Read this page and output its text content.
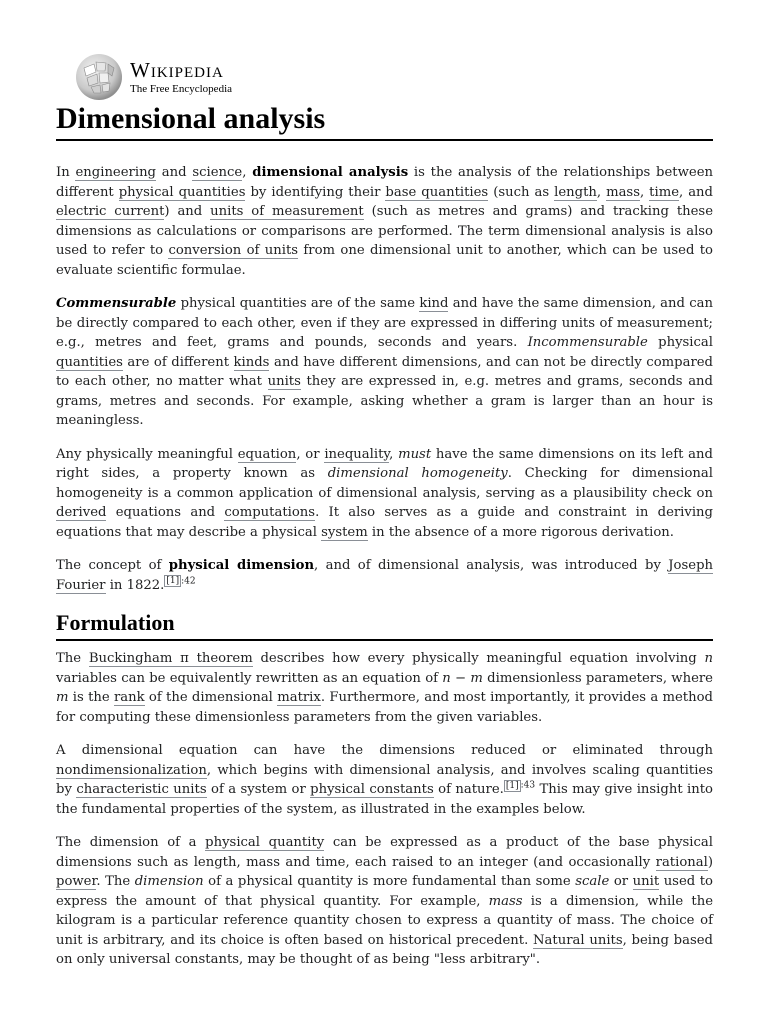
Wikipedia
The Free Encyclopedia
Dimensional analysis

In engineering and science, dimensional analysis is the analysis of the relationships between different physical quantities by identifying their base quantities (such as length, mass, time, and electric current) and units of measurement (such as metres and grams) and tracking these dimensions as calculations or comparisons are performed. The term dimensional analysis is also used to refer to conversion of units from one dimensional unit to another, which can be used to evaluate scientific formulae.

Commensurable physical quantities are of the same kind and have the same dimension, and can be directly compared to each other, even if they are expressed in differing units of measurement; e.g., metres and feet, grams and pounds, seconds and years. Incommensurable physical quantities are of different kinds and have different dimensions, and can not be directly compared to each other, no matter what units they are expressed in, e.g. metres and grams, seconds and grams, metres and seconds. For example, asking whether a gram is larger than an hour is meaningless.

Any physically meaningful equation, or inequality, must have the same dimensions on its left and right sides, a property known as dimensional homogeneity. Checking for dimensional homogeneity is a common application of dimensional analysis, serving as a plausibility check on derived equations and computations. It also serves as a guide and constraint in deriving equations that may describe a physical system in the absence of a more rigorous derivation.

The concept of physical dimension, and of dimensional analysis, was introduced by Joseph Fourier in 1822. $^{[1] :42}$

Formulation

The Buckingham π theorem describes how every physically meaningful equation involving n variables can be equivalently rewritten as an equation of n − m dimensionless parameters, where m is the rank of the dimensional matrix. Furthermore, and most importantly, it provides a method for computing these dimensionless parameters from the given variables.

A dimensional equation can have the dimensions reduced or eliminated through nondimensionalization, which begins with dimensional analysis, and involves scaling quantities by characteristic units of a system or physical constants of nature. $^{[1] :43}$ This may give insight into the fundamental properties of the system, as illustrated in the examples below.

The dimension of a physical quantity can be expressed as a product of the base physical dimensions such as length, mass and time, each raised to an integer (and occasionally rational) power. The dimension of a physical quantity is more fundamental than some scale or unit used to express the amount of that physical quantity. For example, mass is a dimension, while the kilogram is a particular reference quantity chosen to express a quantity of mass. The choice of unit is arbitrary, and its choice is often based on historical precedent. Natural units, being based on only universal constants, may be thought of as being "less arbitrary".
